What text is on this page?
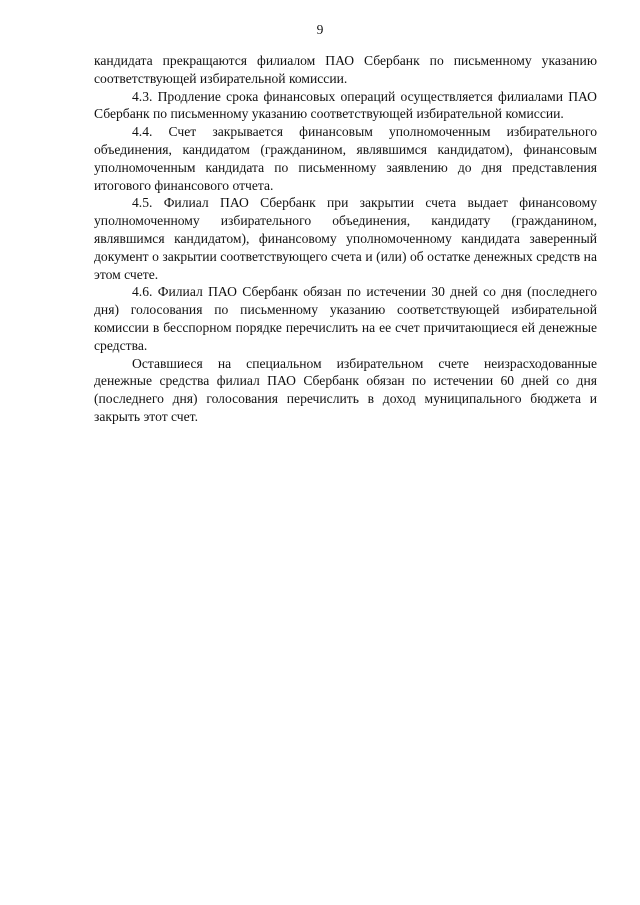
9

кандидата прекращаются филиалом ПАО Сбербанк по письменному указанию соответствующей избирательной комиссии.

4.3. Продление срока финансовых операций осуществляется филиалами ПАО Сбербанк по письменному указанию соответствующей избирательной комиссии.

4.4. Счет закрывается финансовым уполномоченным избирательного объединения, кандидатом (гражданином, являвшимся кандидатом), финансовым уполномоченным кандидата по письменному заявлению до дня представления итогового финансового отчета.

4.5. Филиал ПАО Сбербанк при закрытии счета выдает финансовому уполномоченному избирательного объединения, кандидату (гражданином, являвшимся кандидатом), финансовому уполномоченному кандидата заверенный документ о закрытии соответствующего счета и (или) об остатке денежных средств на этом счете.

4.6. Филиал ПАО Сбербанк обязан по истечении 30 дней со дня (последнего дня) голосования по письменному указанию соответствующей избирательной комиссии в бесспорном порядке перечислить на ее счет причитающиеся ей денежные средства.

Оставшиеся на специальном избирательном счете неизрасходованные денежные средства филиал ПАО Сбербанк обязан по истечении 60 дней со дня (последнего дня) голосования перечислить в доход муниципального бюджета и закрыть этот счет.
